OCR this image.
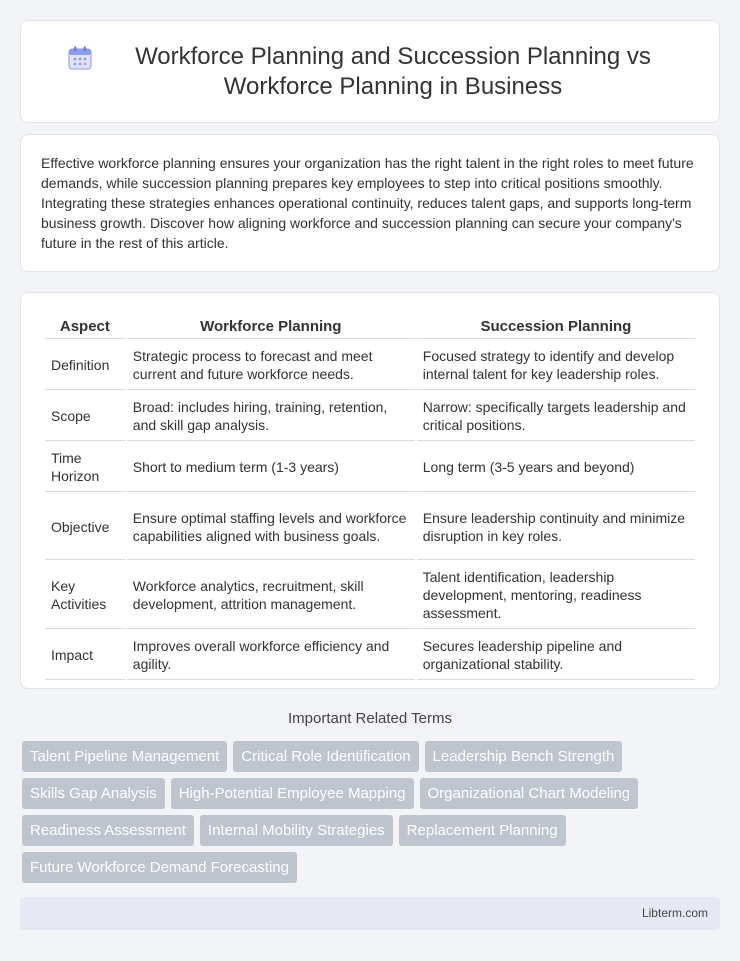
Workforce Planning and Succession Planning vs Workforce Planning in Business

Effective workforce planning ensures your organization has the right talent in the right roles to meet future demands, while succession planning prepares key employees to step into critical positions smoothly. Integrating these strategies enhances operational continuity, reduces talent gaps, and supports long-term business growth. Discover how aligning workforce and succession planning can secure your company's future in the rest of this article.

Aspect	Workforce Planning	Succession Planning
Definition	Strategic process to forecast and meet current and future workforce needs.	Focused strategy to identify and develop internal talent for key leadership roles.
Scope	Broad: includes hiring, training, retention, and skill gap analysis.	Narrow: specifically targets leadership and critical positions.
Time Horizon	Short to medium term (1-3 years)	Long term (3-5 years and beyond)
Objective	Ensure optimal staffing levels and workforce capabilities aligned with business goals.	Ensure leadership continuity and minimize disruption in key roles.
Key Activities	Workforce analytics, recruitment, skill development, attrition management.	Talent identification, leadership development, mentoring, readiness assessment.
Impact	Improves overall workforce efficiency and agility.	Secures leadership pipeline and organizational stability.
Important Related Terms
Talent Pipeline Management	Critical Role Identification	Leadership Bench Strength
Skills Gap Analysis	High-Potential Employee Mapping	Organizational Chart Modeling
Readiness Assessment	Internal Mobility Strategies	Replacement Planning
Future Workforce Demand Forecasting
Libterm.com
